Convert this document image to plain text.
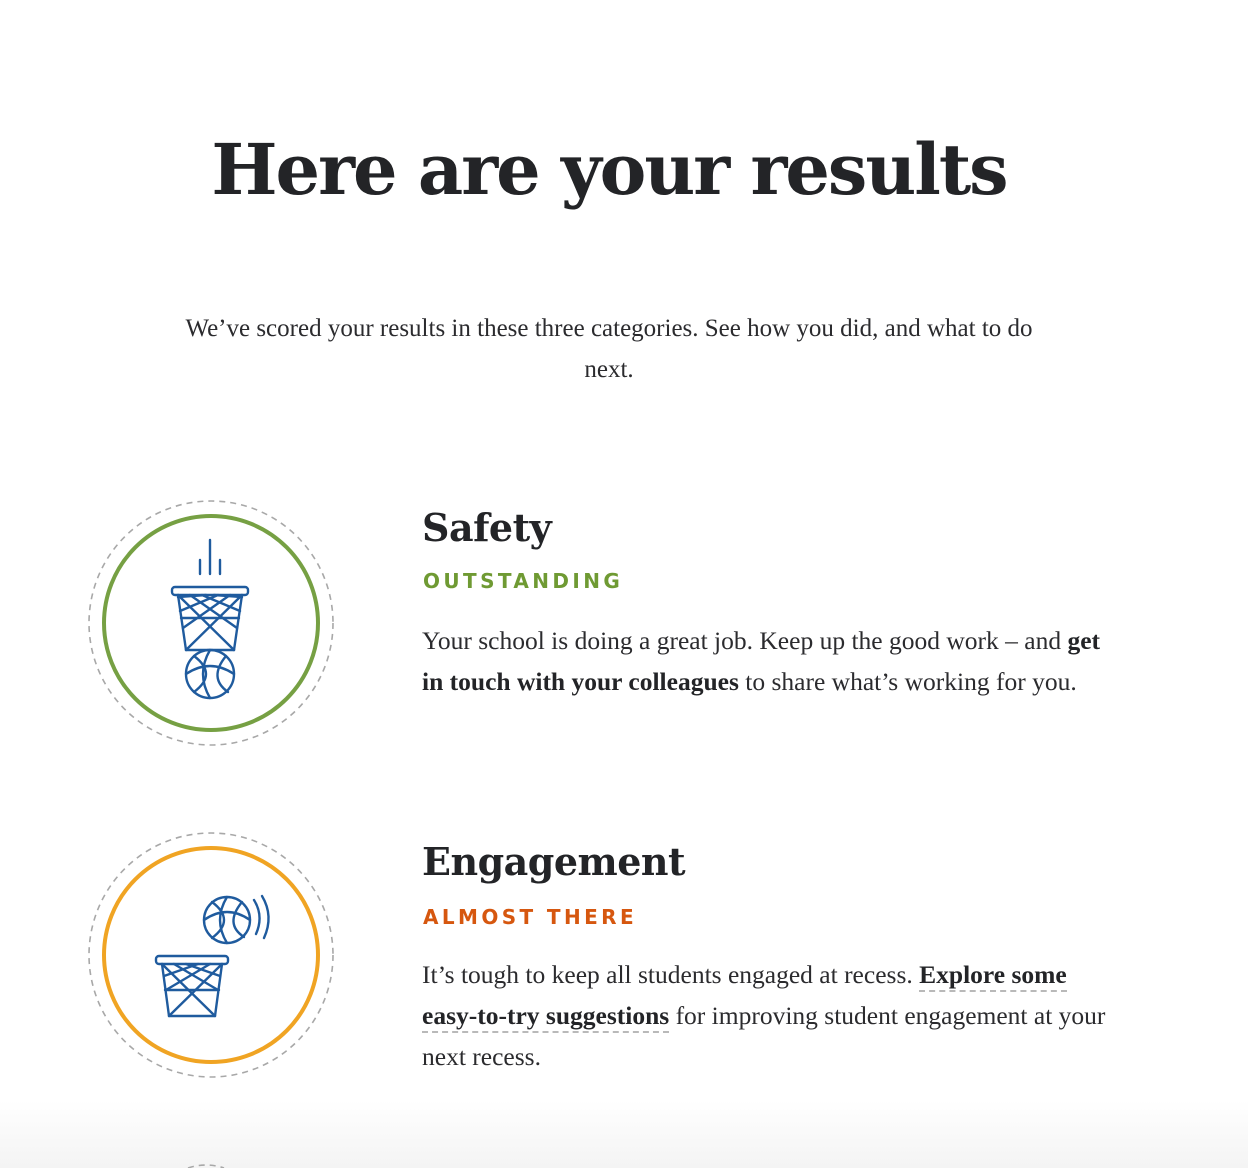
Here are your results

We’ve scored your results in these three categories. See how you did, and what to do next.

Safety
OUTSTANDING

Your school is doing a great job. Keep up the good work – and get in touch with your colleagues to share what’s working for you.

Engagement
ALMOST THERE

It’s tough to keep all students engaged at recess. Explore some easy-to-try suggestions for improving student engagement at your next recess.
